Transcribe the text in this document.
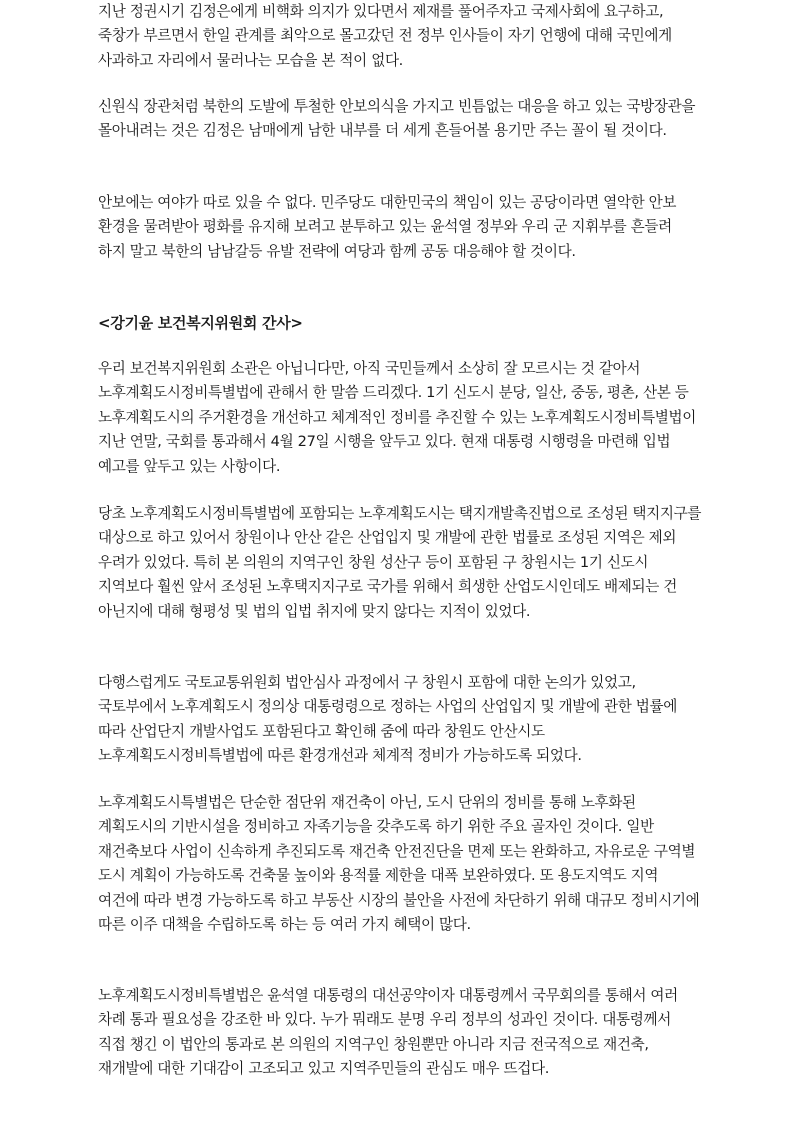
지난 정권시기 김정은에게 비핵화 의지가 있다면서 제재를 풀어주자고 국제사회에 요구하고, 죽창가 부르면서 한일 관계를 최악으로 몰고갔던 전 정부 인사들이 자기 언행에 대해 국민에게 사과하고 자리에서 물러나는 모습을 본 적이 없다.

신원식 장관처럼 북한의 도발에 투철한 안보의식을 가지고 빈틈없는 대응을 하고 있는 국방장관을 몰아내려는 것은 김정은 남매에게 남한 내부를 더 세게 흔들어볼 용기만 주는 꼴이 될 것이다.

안보에는 여야가 따로 있을 수 없다. 민주당도 대한민국의 책임이 있는 공당이라면 열악한 안보 환경을 물려받아 평화를 유지해 보려고 분투하고 있는 윤석열 정부와 우리 군 지휘부를 흔들려 하지 말고 북한의 남남갈등 유발 전략에 여당과 함께 공동 대응해야 할 것이다.

<강기윤 보건복지위원회 간사>

우리 보건복지위원회 소관은 아닙니다만, 아직 국민들께서 소상히 잘 모르시는 것 같아서 노후계획도시정비특별법에 관해서 한 말씀 드리겠다. 1기 신도시 분당, 일산, 중동, 평촌, 산본 등 노후계획도시의 주거환경을 개선하고 체계적인 정비를 추진할 수 있는 노후계획도시정비특별법이 지난 연말, 국회를 통과해서 4월 27일 시행을 앞두고 있다. 현재 대통령 시행령을 마련해 입법 예고를 앞두고 있는 사항이다.

당초 노후계획도시정비특별법에 포함되는 노후계획도시는 택지개발촉진법으로 조성된 택지지구를 대상으로 하고 있어서 창원이나 안산 같은 산업입지 및 개발에 관한 법률로 조성된 지역은 제외 우려가 있었다. 특히 본 의원의 지역구인 창원 성산구 등이 포함된 구 창원시는 1기 신도시 지역보다 훨씬 앞서 조성된 노후택지지구로 국가를 위해서 희생한 산업도시인데도 배제되는 건 아닌지에 대해 형평성 및 법의 입법 취지에 맞지 않다는 지적이 있었다.

다행스럽게도 국토교통위원회 법안심사 과정에서 구 창원시 포함에 대한 논의가 있었고, 국토부에서 노후계획도시 정의상 대통령령으로 정하는 사업의 산업입지 및 개발에 관한 법률에 따라 산업단지 개발사업도 포함된다고 확인해 줌에 따라 창원도 안산시도 노후계획도시정비특별법에 따른 환경개선과 체계적 정비가 가능하도록 되었다.

노후계획도시특별법은 단순한 점단위 재건축이 아닌, 도시 단위의 정비를 통해 노후화된 계획도시의 기반시설을 정비하고 자족기능을 갖추도록 하기 위한 주요 골자인 것이다. 일반 재건축보다 사업이 신속하게 추진되도록 재건축 안전진단을 면제 또는 완화하고, 자유로운 구역별 도시 계획이 가능하도록 건축물 높이와 용적률 제한을 대폭 보완하였다. 또 용도지역도 지역 여건에 따라 변경 가능하도록 하고 부동산 시장의 불안을 사전에 차단하기 위해 대규모 정비시기에 따른 이주 대책을 수립하도록 하는 등 여러 가지 혜택이 많다.

노후계획도시정비특별법은 윤석열 대통령의 대선공약이자 대통령께서 국무회의를 통해서 여러 차례 통과 필요성을 강조한 바 있다. 누가 뭐래도 분명 우리 정부의 성과인 것이다. 대통령께서 직접 챙긴 이 법안의 통과로 본 의원의 지역구인 창원뿐만 아니라 지금 전국적으로 재건축, 재개발에 대한 기대감이 고조되고 있고 지역주민들의 관심도 매우 뜨겁다.
